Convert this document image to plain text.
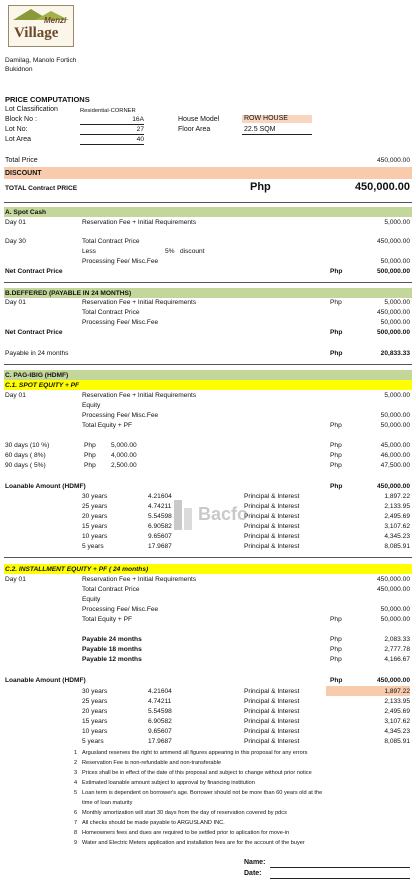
Menzi
Village
Damilag, Manolo Fortich
Bukidnon
PRICE COMPUTATIONS
Lot Classification	Residential-CORNER
Block No :	16A
Lot No:	27
Lot Area	40
House Model	ROW HOUSE
Floor Area	22.5 SQM
Total Price	450,000.00
DISCOUNT
TOTAL Contract PRICE	Php	450,000.00
A. Spot Cash
Day 01	Reservation Fee + Initial Requirements	5,000.00
Day 30	Total Contract Price	450,000.00
Less	5% discount
Processing Fee/ Misc.Fee	50,000.00
Net Contract Price	Php	500,000.00
B.DEFFERED (PAYABLE IN 24 MONTHS)
Day 01	Reservation Fee + Initial Requirements	Php	5,000.00
Total Contract Price	450,000.00
Processing Fee/ Misc.Fee	50,000.00
Net Contract Price	Php	500,000.00
Payable in 24 months	Php	20,833.33
C. PAG-IBIG (HDMF)
C.1. SPOT EQUITY + PF
Day 01	Reservation Fee + Initial Requirements	5,000.00
Equity
Processing Fee/ Misc.Fee	50,000.00
Total Equity + PF	Php	50,000.00
30 days (10 %)	Php 5,000.00	Php	45,000.00
60 days ( 8%)	Php 4,000.00	Php	46,000.00
90 days ( 5%)	Php 2,500.00	Php	47,500.00
Loanable Amount (HDMF)	Php	450,000.00
30 years	4.21604	Principal & Interest	1,897.22
25 years	4.74211	Principal & Interest	2,133.95
20 years	5.54598	Principal & Interest	2,495.69
15 years	6.90582	Principal & Interest	3,107.62
10 years	9.65607	Principal & Interest	4,345.23
5 years	17.9687	Principal & Interest	8,085.91
Bacfo
C.2. INSTALLMENT EQUITY + PF ( 24 months)
Day 01	Reservation Fee + Initial Requirements	450,000.00
Total Contract Price	450,000.00
Equity
Processing Fee/ Misc.Fee	50,000.00
Total Equity + PF	Php	50,000.00
Payable 24 months	Php	2,083.33
Payable 18 months	Php	2,777.78
Payable 12 months	Php	4,166.67
Loanable Amount (HDMF)	Php	450,000.00
30 years	4.21604	Principal & Interest	1,897.22
25 years	4.74211	Principal & Interest	2,133.95
20 years	5.54598	Principal & Interest	2,495.69
15 years	6.90582	Principal & Interest	3,107.62
10 years	9.65607	Principal & Interest	4,345.23
5 years	17.9687	Principal & Interest	8,085.91
1 Argusland reserves the right to ammend all figures appearing in this proposal for any errors
2 Reservation Fee is non-refundable and non-transferable
3 Prices shall be in effect of the date of this proposal and subject to change without prior notice
4 Estimated loanable amount subject to approval by financing institution
5 Loan term is dependent on borrower's age. Borrower should not be more than 60 years old at the
time of loan maturity
6 Monthly amortization will start 30 days from the day of reservation covered by pdcs
7 All checks should be made payable to ARGUSLAND INC.
8 Homeowners fees and dues are required to be settled prior to aplication for move-in
9 Water and Electric Meters application and installation fees are for the account of the buyer
Name:
Date:
